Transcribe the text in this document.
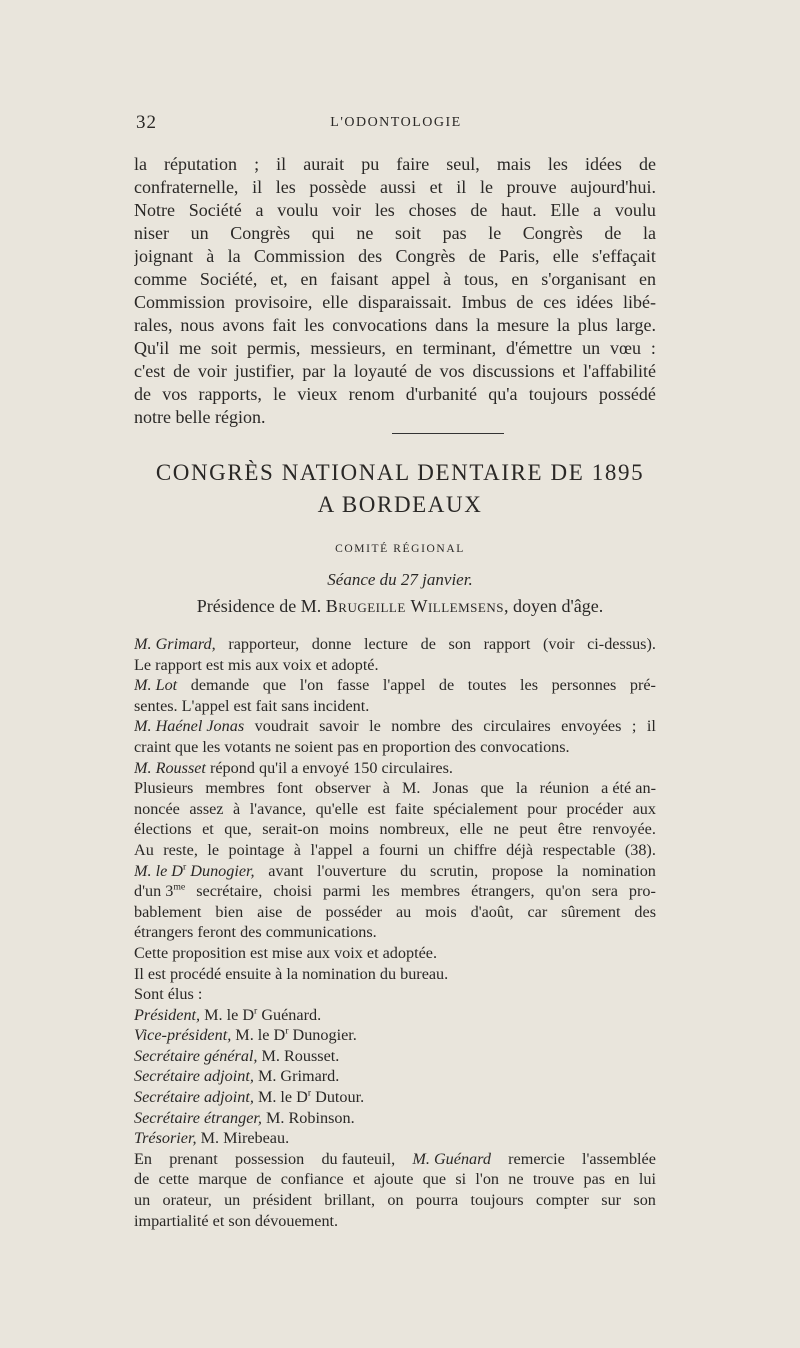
32	L'ODONTOLOGIE
la réputation ; il aurait pu faire seul, mais les idées de
confraternelle, il les possède aussi et il le prouve aujourd'hui.
Notre Société a voulu voir les choses de haut. Elle a voulu
niser un Congrès qui ne soit pas le Congrès de la
joignant à la Commission des Congrès de Paris, elle s'effaçait
comme Société, et, en faisant appel à tous, en s'organisant en
Commission provisoire, elle disparaissait. Imbus de ces idées libé-
rales, nous avons fait les convocations dans la mesure la plus large.
Qu'il me soit permis, messieurs, en terminant, d'émettre un vœu :
c'est de voir justifier, par la loyauté de vos discussions et l'affabilité
de vos rapports, le vieux renom d'urbanité qu'a toujours possédé
notre belle région.
CONGRÈS NATIONAL DENTAIRE DE 1895
A BORDEAUX
COMITÉ RÉGIONAL
Séance du 27 janvier.
Présidence de M. Brugeille Willemsens, doyen d'âge.
M. Grimard, rapporteur, donne lecture de son rapport (voir ci-dessus).
Le rapport est mis aux voix et adopté.
M. Lot demande que l'on fasse l'appel de toutes les personnes pré-
sentes. L'appel est fait sans incident.
M. Haénel Jonas voudrait savoir le nombre des circulaires envoyées ; il
craint que les votants ne soient pas en proportion des convocations.
M. Rousset répond qu'il a envoyé 150 circulaires.
Plusieurs membres font observer à M. Jonas que la réunion a été an-
noncée assez à l'avance, qu'elle est faite spécialement pour procéder aux
élections et que, serait-on moins nombreux, elle ne peut être renvoyée.
Au reste, le pointage à l'appel a fourni un chiffre déjà respectable (38).
M. le $D^r$ Dunogier, avant l'ouverture du scrutin, propose la nomination
d'un $3^{me}$ secrétaire, choisi parmi les membres étrangers, qu'on sera pro-
bablement bien aise de posséder au mois d'août, car sûrement des
étrangers feront des communications.
Cette proposition est mise aux voix et adoptée.
Il est procédé ensuite à la nomination du bureau.
Sont élus :
Président, M. le $D^r$ Guénard.
Vice-président, M. le $D^r$ Dunogier.
Secrétaire général, M. Rousset.
Secrétaire adjoint, M. Grimard.
Secrétaire adjoint, M. le $D^r$ Dutour.
Secrétaire étranger, M. Robinson.
Trésorier, M. Mirebeau.
En prenant possession du fauteuil, M. Guénard remercie l'assemblée
de cette marque de confiance et ajoute que si l'on ne trouve pas en lui
un orateur, un président brillant, on pourra toujours compter sur son
impartialité et son dévouement.
